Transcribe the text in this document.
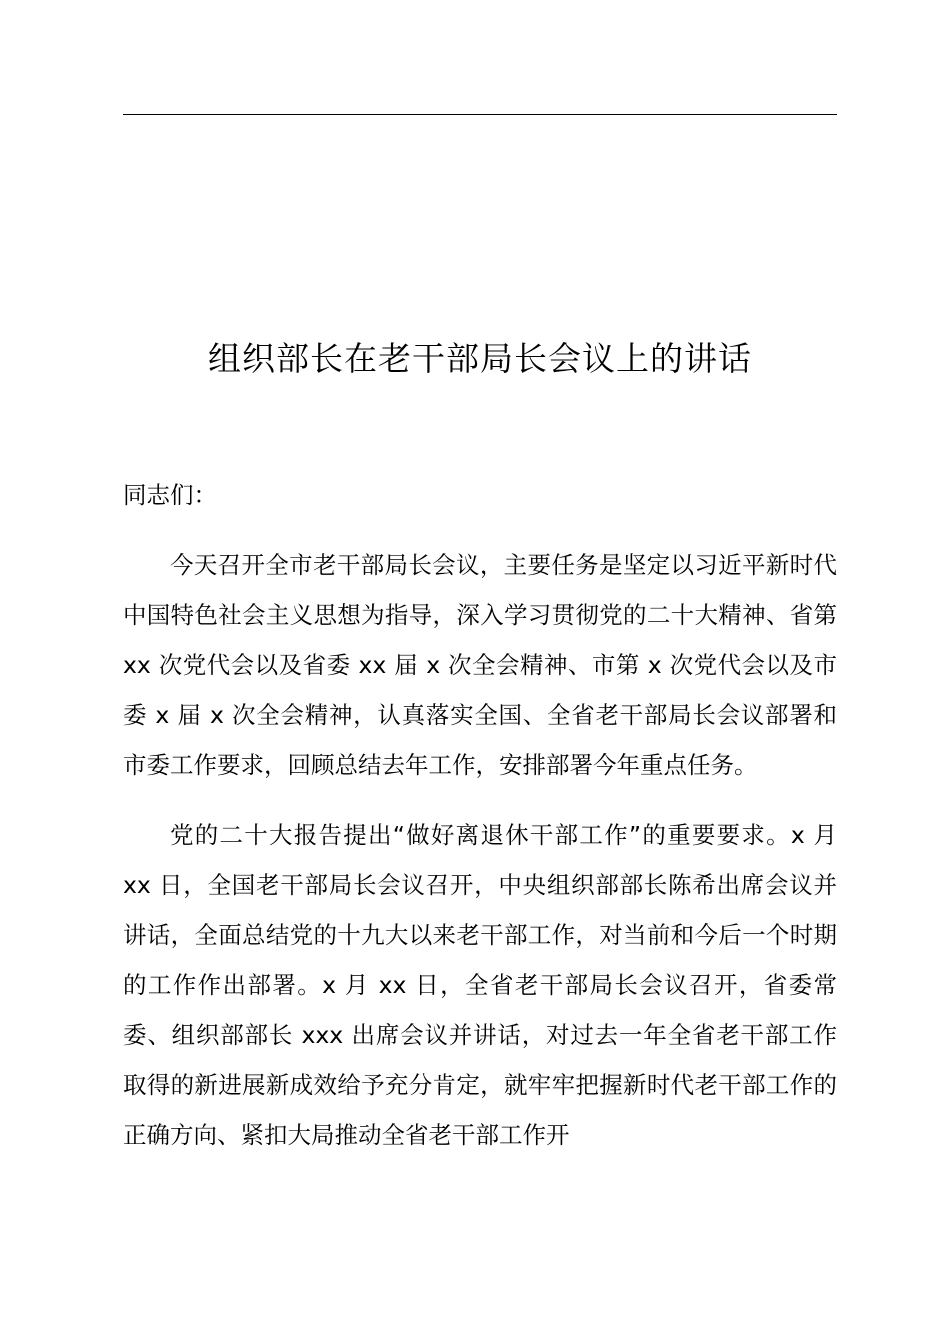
组织部长在老干部局长会议上的讲话

同志们：

今天召开全市老干部局长会议，主要任务是坚定以习近平新时代中国特色社会主义思想为指导，深入学习贯彻党的二十大精神、省第 xx 次党代会以及省委 xx 届 x 次全会精神、市第 x 次党代会以及市委 x 届 x 次全会精神，认真落实全国、全省老干部局长会议部署和市委工作要求，回顾总结去年工作，安排部署今年重点任务。

党的二十大报告提出“做好离退休干部工作”的重要要求。x 月 xx 日，全国老干部局长会议召开，中央组织部部长陈希出席会议并讲话，全面总结党的十九大以来老干部工作，对当前和今后一个时期的工作作出部署。x 月 xx 日，全省老干部局长会议召开，省委常委、组织部部长 xxx 出席会议并讲话，对过去一年全省老干部工作取得的新进展新成效给予充分肯定，就牢牢把握新时代老干部工作的正确方向、紧扣大局推动全省老干部工作开
